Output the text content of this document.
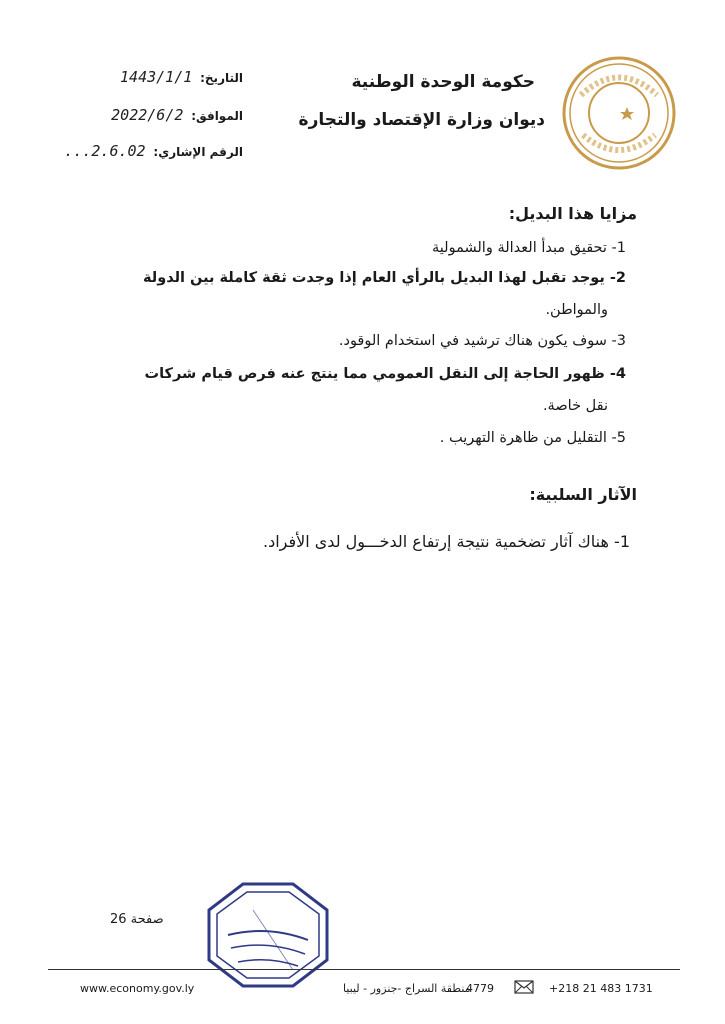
حكومة الوحدة الوطنية
ديوان وزارة الإقتصاد والتجارة
التاريخ: 1443/1/1
الموافق: 2022/6/2
الرقم الإشاري: 2.6.02...
مزايا هذا البديل:
1- تحقيق مبدأ العدالة والشمولية
2- يوجد تقبل لهذا البديل بالرأي العام إذا وجدت ثقة كاملة بين الدولة
والمواطن.
3- سوف يكون هناك ترشيد في استخدام الوقود.
4- ظهور الحاجة إلى النقل العمومي مما ينتج عنه فرص قيام شركات
نقل خاصة.
5- التقليل من ظاهرة التهريب .
الآثار السلبية:
1- هناك آثار تضخمية نتيجة إرتفاع الدخـــول لدى الأفراد.
صفحة 26
www.economy.gov.ly	منطقة السراج -جنزور - ليبيا
4779	+218 21 483 1731
